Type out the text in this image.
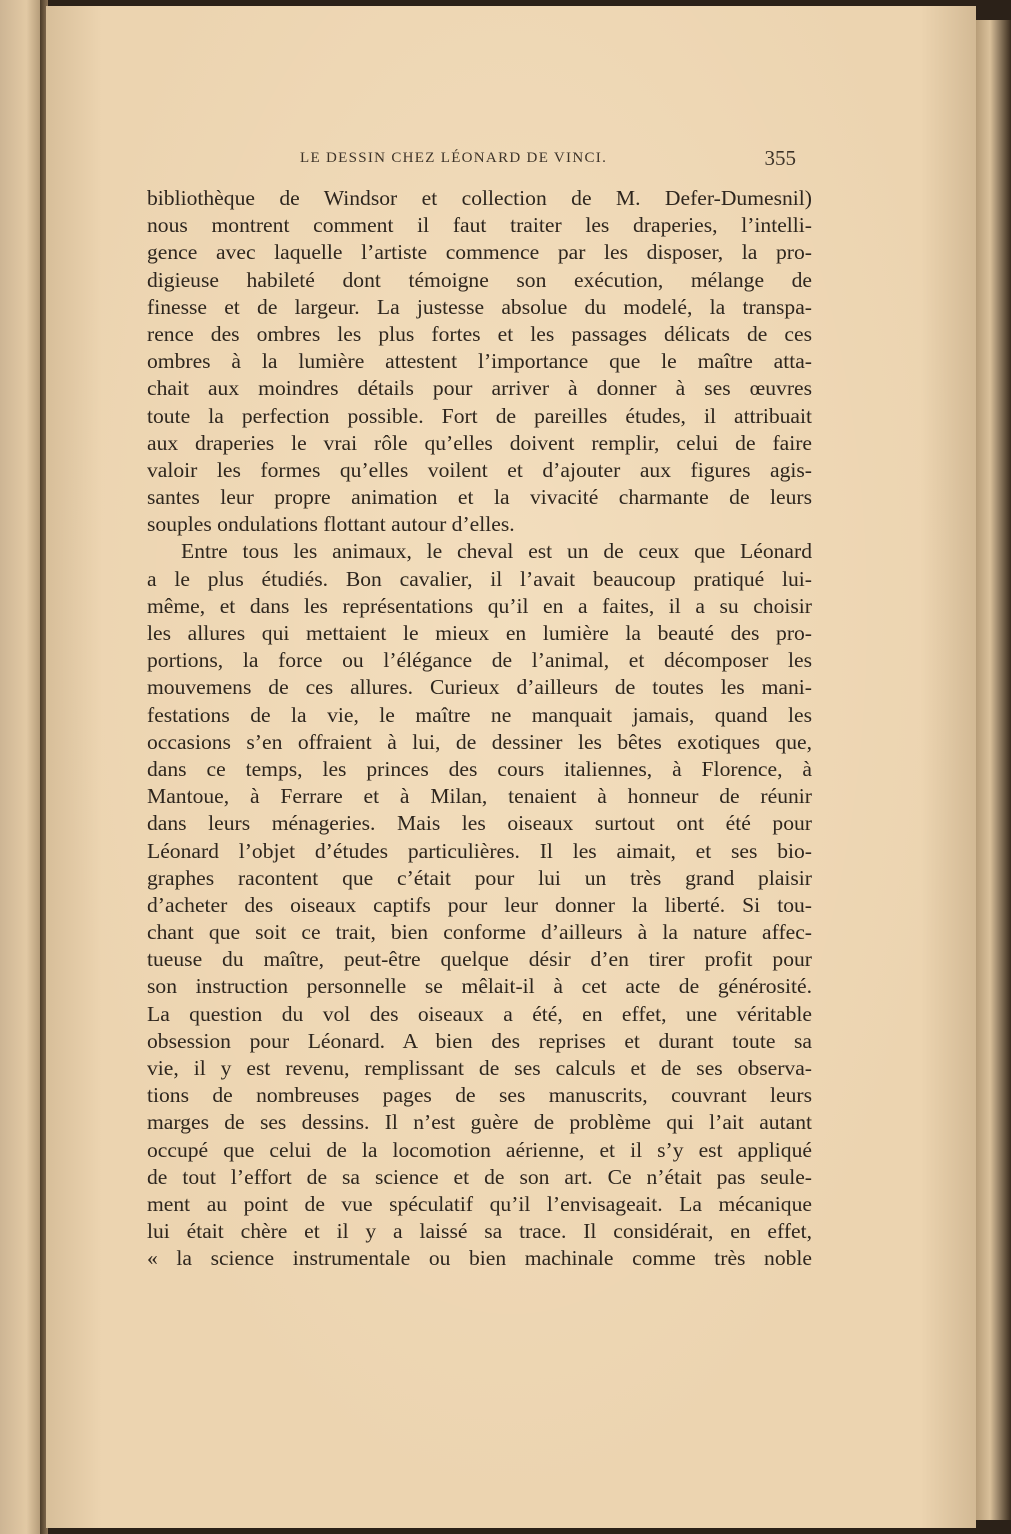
LE DESSIN CHEZ LÉONARD DE VINCI.	355
bibliothèque de Windsor et collection de M. Defer-Dumesnil)
nous montrent comment il faut traiter les draperies, l’intelli-
gence avec laquelle l’artiste commence par les disposer, la pro-
digieuse habileté dont témoigne son exécution, mélange de
finesse et de largeur. La justesse absolue du modelé, la transpa-
rence des ombres les plus fortes et les passages délicats de ces
ombres à la lumière attestent l’importance que le maître atta-
chait aux moindres détails pour arriver à donner à ses œuvres
toute la perfection possible. Fort de pareilles études, il attribuait
aux draperies le vrai rôle qu’elles doivent remplir, celui de faire
valoir les formes qu’elles voilent et d’ajouter aux figures agis-
santes leur propre animation et la vivacité charmante de leurs
souples ondulations flottant autour d’elles.
Entre tous les animaux, le cheval est un de ceux que Léonard
a le plus étudiés. Bon cavalier, il l’avait beaucoup pratiqué lui-
même, et dans les représentations qu’il en a faites, il a su choisir
les allures qui mettaient le mieux en lumière la beauté des pro-
portions, la force ou l’élégance de l’animal, et décomposer les
mouvemens de ces allures. Curieux d’ailleurs de toutes les mani-
festations de la vie, le maître ne manquait jamais, quand les
occasions s’en offraient à lui, de dessiner les bêtes exotiques que,
dans ce temps, les princes des cours italiennes, à Florence, à
Mantoue, à Ferrare et à Milan, tenaient à honneur de réunir
dans leurs ménageries. Mais les oiseaux surtout ont été pour
Léonard l’objet d’études particulières. Il les aimait, et ses bio-
graphes racontent que c’était pour lui un très grand plaisir
d’acheter des oiseaux captifs pour leur donner la liberté. Si tou-
chant que soit ce trait, bien conforme d’ailleurs à la nature affec-
tueuse du maître, peut-être quelque désir d’en tirer profit pour
son instruction personnelle se mêlait-il à cet acte de générosité.
La question du vol des oiseaux a été, en effet, une véritable
obsession pour Léonard. A bien des reprises et durant toute sa
vie, il y est revenu, remplissant de ses calculs et de ses observa-
tions de nombreuses pages de ses manuscrits, couvrant leurs
marges de ses dessins. Il n’est guère de problème qui l’ait autant
occupé que celui de la locomotion aérienne, et il s’y est appliqué
de tout l’effort de sa science et de son art. Ce n’était pas seule-
ment au point de vue spéculatif qu’il l’envisageait. La mécanique
lui était chère et il y a laissé sa trace. Il considérait, en effet,
« la science instrumentale ou bien machinale comme très noble
